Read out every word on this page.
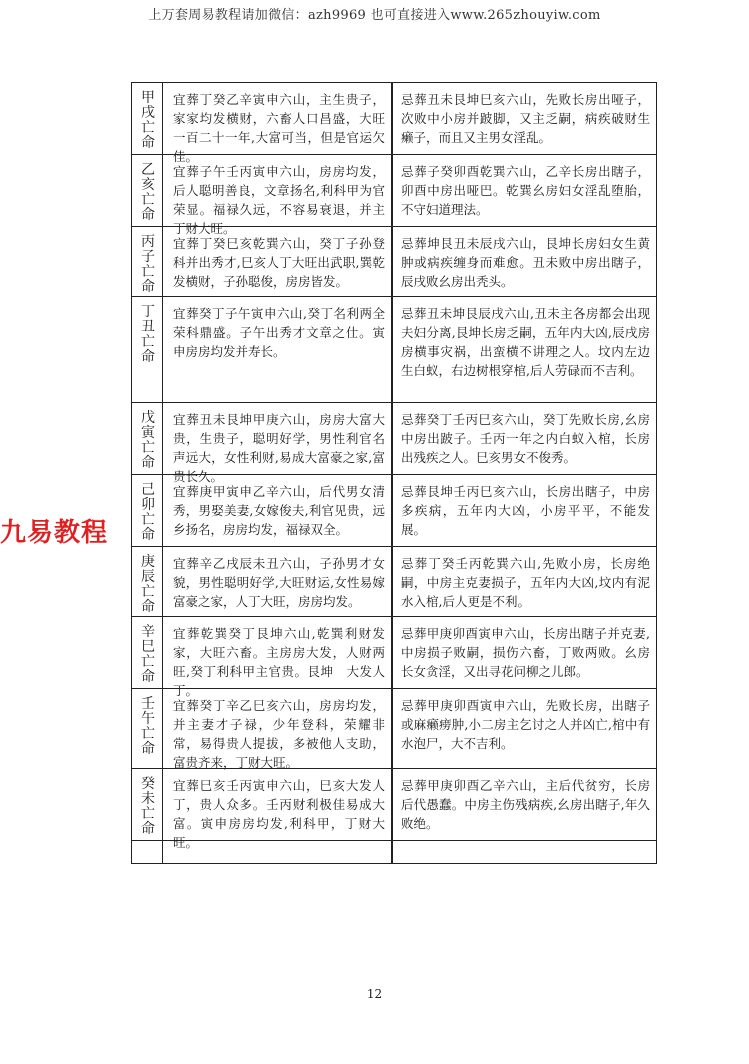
上万套周易教程请加微信：azh9969 也可直接进入www.265zhouyiw.com
甲戌亡命
宜葬丁癸乙辛寅申六山，主生贵子，家家均发横财，六畜人口昌盛，大旺一百二十一年,大富可当，但是官运欠佳。
忌葬丑未艮坤巳亥六山，先败长房出哑子，次败中小房并跛脚，又主乏嗣，病疾破财生癞子，而且又主男女淫乱。
乙亥亡命
宜葬子午壬丙寅申六山，房房均发，后人聪明善良，文章扬名,利科甲为官荣显。福禄久远，不容易衰退，并主丁财大旺。
忌葬子癸卯酉乾巽六山，乙辛长房出瞎子，卯酉中房出哑巴。乾巽幺房妇女淫乱堕胎，不守妇道理法。
丙子亡命
宜葬丁癸巳亥乾巽六山，癸丁子孙登科并出秀才,巳亥人丁大旺出武职,巽乾发横财，子孙聪俊，房房皆发。
忌葬坤艮丑未辰戌六山，艮坤长房妇女生黄肿或病疾缠身而难愈。丑未败中房出瞎子，辰戌败幺房出秃头。
丁丑亡命
宜葬癸丁子午寅申六山,癸丁名利两全荣科鼎盛。子午出秀才文章之仕。寅申房房均发并寿长。
忌葬丑未坤艮辰戌六山,丑未主各房都会出现夫妇分离,艮坤长房乏嗣，五年内大凶,辰戌房房横事灾祸，出蛮横不讲理之人。坟内左边生白蚁，右边树根穿棺,后人劳碌而不吉利。
戊寅亡命
宜葬丑未艮坤甲庚六山，房房大富大贵，生贵子，聪明好学，男性利官名声远大，女性利财,易成大富豪之家,富贵长久。
忌葬癸丁壬丙巳亥六山，癸丁先败长房,幺房中房出跛子。壬丙一年之内白蚁入棺，长房出残疾之人。巳亥男女不俊秀。
己卯亡命
宜葬庚甲寅申乙辛六山，后代男女清秀，男娶美妻,女嫁俊夫,利官见贵，远乡扬名，房房均发，福禄双全。
忌葬艮坤壬丙巳亥六山，长房出瞎子，中房多疾病，五年内大凶，小房平平，不能发展。
庚辰亡命
宜葬辛乙戌辰未丑六山，子孙男才女貌，男性聪明好学,大旺财运,女性易嫁富豪之家，人丁大旺，房房均发。
忌葬丁癸壬丙乾巽六山,先败小房，长房绝嗣，中房主克妻损子，五年内大凶,坟内有泥水入棺,后人更是不利。
辛巳亡命
宜葬乾巽癸丁艮坤六山,乾巽利财发家，大旺六畜。主房房大发，人财两旺,癸丁利科甲主官贵。艮坤　大发人丁。
忌葬甲庚卯酉寅申六山，长房出瞎子并克妻,中房损子败嗣，损伤六畜，丁败两败。幺房长女贪淫，又出寻花问柳之儿郎。
壬午亡命
宜葬癸丁辛乙巳亥六山，房房均发，并主妻才子禄，少年登科，荣耀非常，易得贵人提拔，多被他人支助，富贵齐来，丁财大旺。
忌葬甲庚卯酉寅申六山，先败长房，出瞎子或麻癞痨肿,小二房主乞讨之人并凶亡,棺中有水泡尸，大不吉利。
癸未亡命
宜葬巳亥壬丙寅申六山，巳亥大发人丁，贵人众多。壬丙财利极佳易成大富。寅申房房均发,利科甲，丁财大旺。
忌葬甲庚卯酉乙辛六山，主后代贫穷，长房后代愚蠢。中房主伤残病疾,幺房出瞎子,年久败绝。
九易教程
12
